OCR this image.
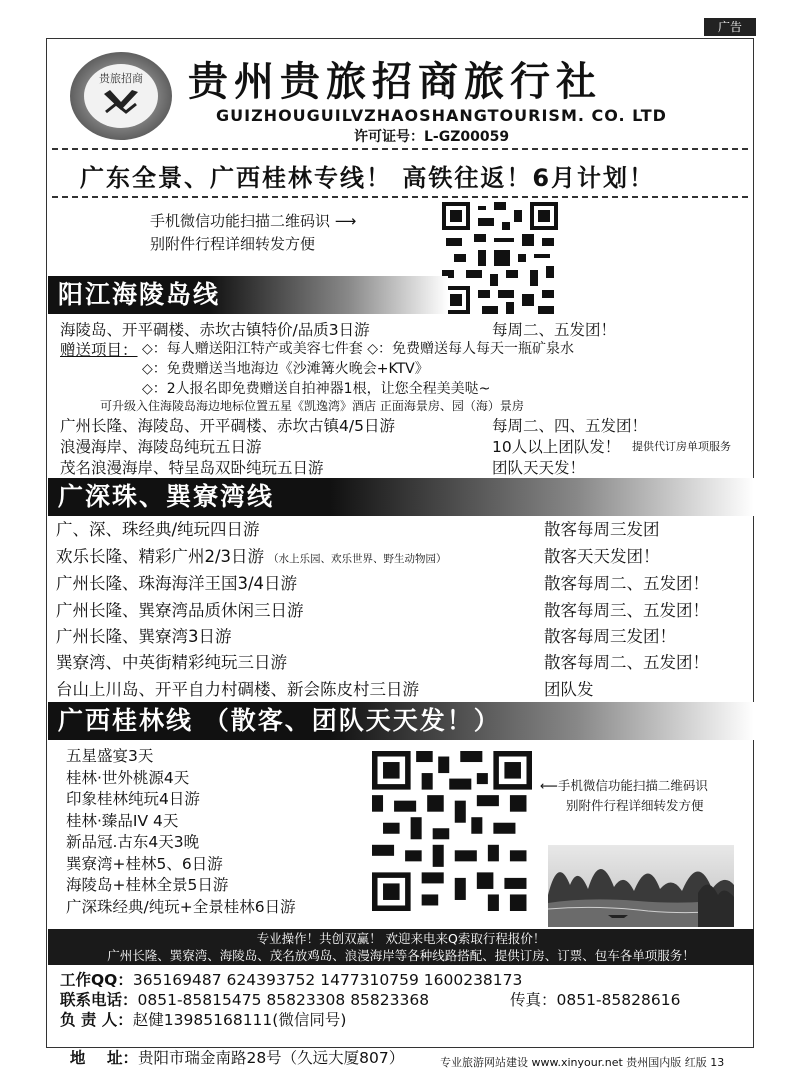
广告
贵旅招商	贵州贵旅招商旅行社
GUIZHOUGUILVZHAOSHANGTOURISM. CO. LTD
许可证号：L-GZ00059
广东全景、广西桂林专线！ 高铁往返！6月计划！
手机微信功能扫描二维码识 ⟶
别附件行程详细转发方便
阳江海陵岛线
海陵岛、开平碉楼、赤坎古镇特价/品质3日游	每周二、五发团！
赠送项目： ◇：每人赠送阳江特产或美容七件套 ◇：免费赠送每人每天一瓶矿泉水
◇：免费赠送当地海边《沙滩篝火晚会+KTV》
◇：2人报名即免费赠送自拍神器1根，让您全程美美哒~
可升级入住海陵岛海边地标位置五星《凯逸湾》酒店 正面海景房、园（海）景房
广州长隆、海陵岛、开平碉楼、赤坎古镇4/5日游	每周二、四、五发团！
浪漫海岸、海陵岛纯玩五日游	10人以上团队发！ 提供代订房单项服务
茂名浪漫海岸、特呈岛双卧纯玩五日游	团队天天发！
广深珠、巽寮湾线
广、深、珠经典/纯玩四日游	散客每周三发团
欢乐长隆、精彩广州2/3日游 （水上乐园、欢乐世界、野生动物园）	散客天天发团！
广州长隆、珠海海洋王国3/4日游	散客每周二、五发团！
广州长隆、巽寮湾品质休闲三日游	散客每周三、五发团！
广州长隆、巽寮湾3日游	散客每周三发团！
巽寮湾、中英街精彩纯玩三日游	散客每周二、五发团！
台山上川岛、开平自力村碉楼、新会陈皮村三日游	团队发
广西桂林线 （散客、团队天天发！）
五星盛宴3天
桂林·世外桃源4天
印象桂林纯玩4日游
桂林·臻品IV 4天
新品冠.古东4天3晚
巽寮湾+桂林5、6日游
海陵岛+桂林全景5日游
广深珠经典/纯玩+全景桂林6日游
⟵手机微信功能扫描二维码识
别附件行程详细转发方便
专业操作！共创双赢！ 欢迎来电来Q索取行程报价！
广州长隆、巽寮湾、海陵岛、茂名放鸡岛、浪漫海岸等各种线路搭配、提供订房、订票、包车各单项服务！
工作QQ：365169487 624393752 1477310759 1600238173
联系电话：0851-85815475 85823308 85823368	传真：0851-85828616
负 责 人：赵健13985168111(微信同号)

地    址：贵阳市瑞金南路28号（久远大厦807）	专业旅游网站建设 www.xinyour.net 贵州国内版 红版 13
